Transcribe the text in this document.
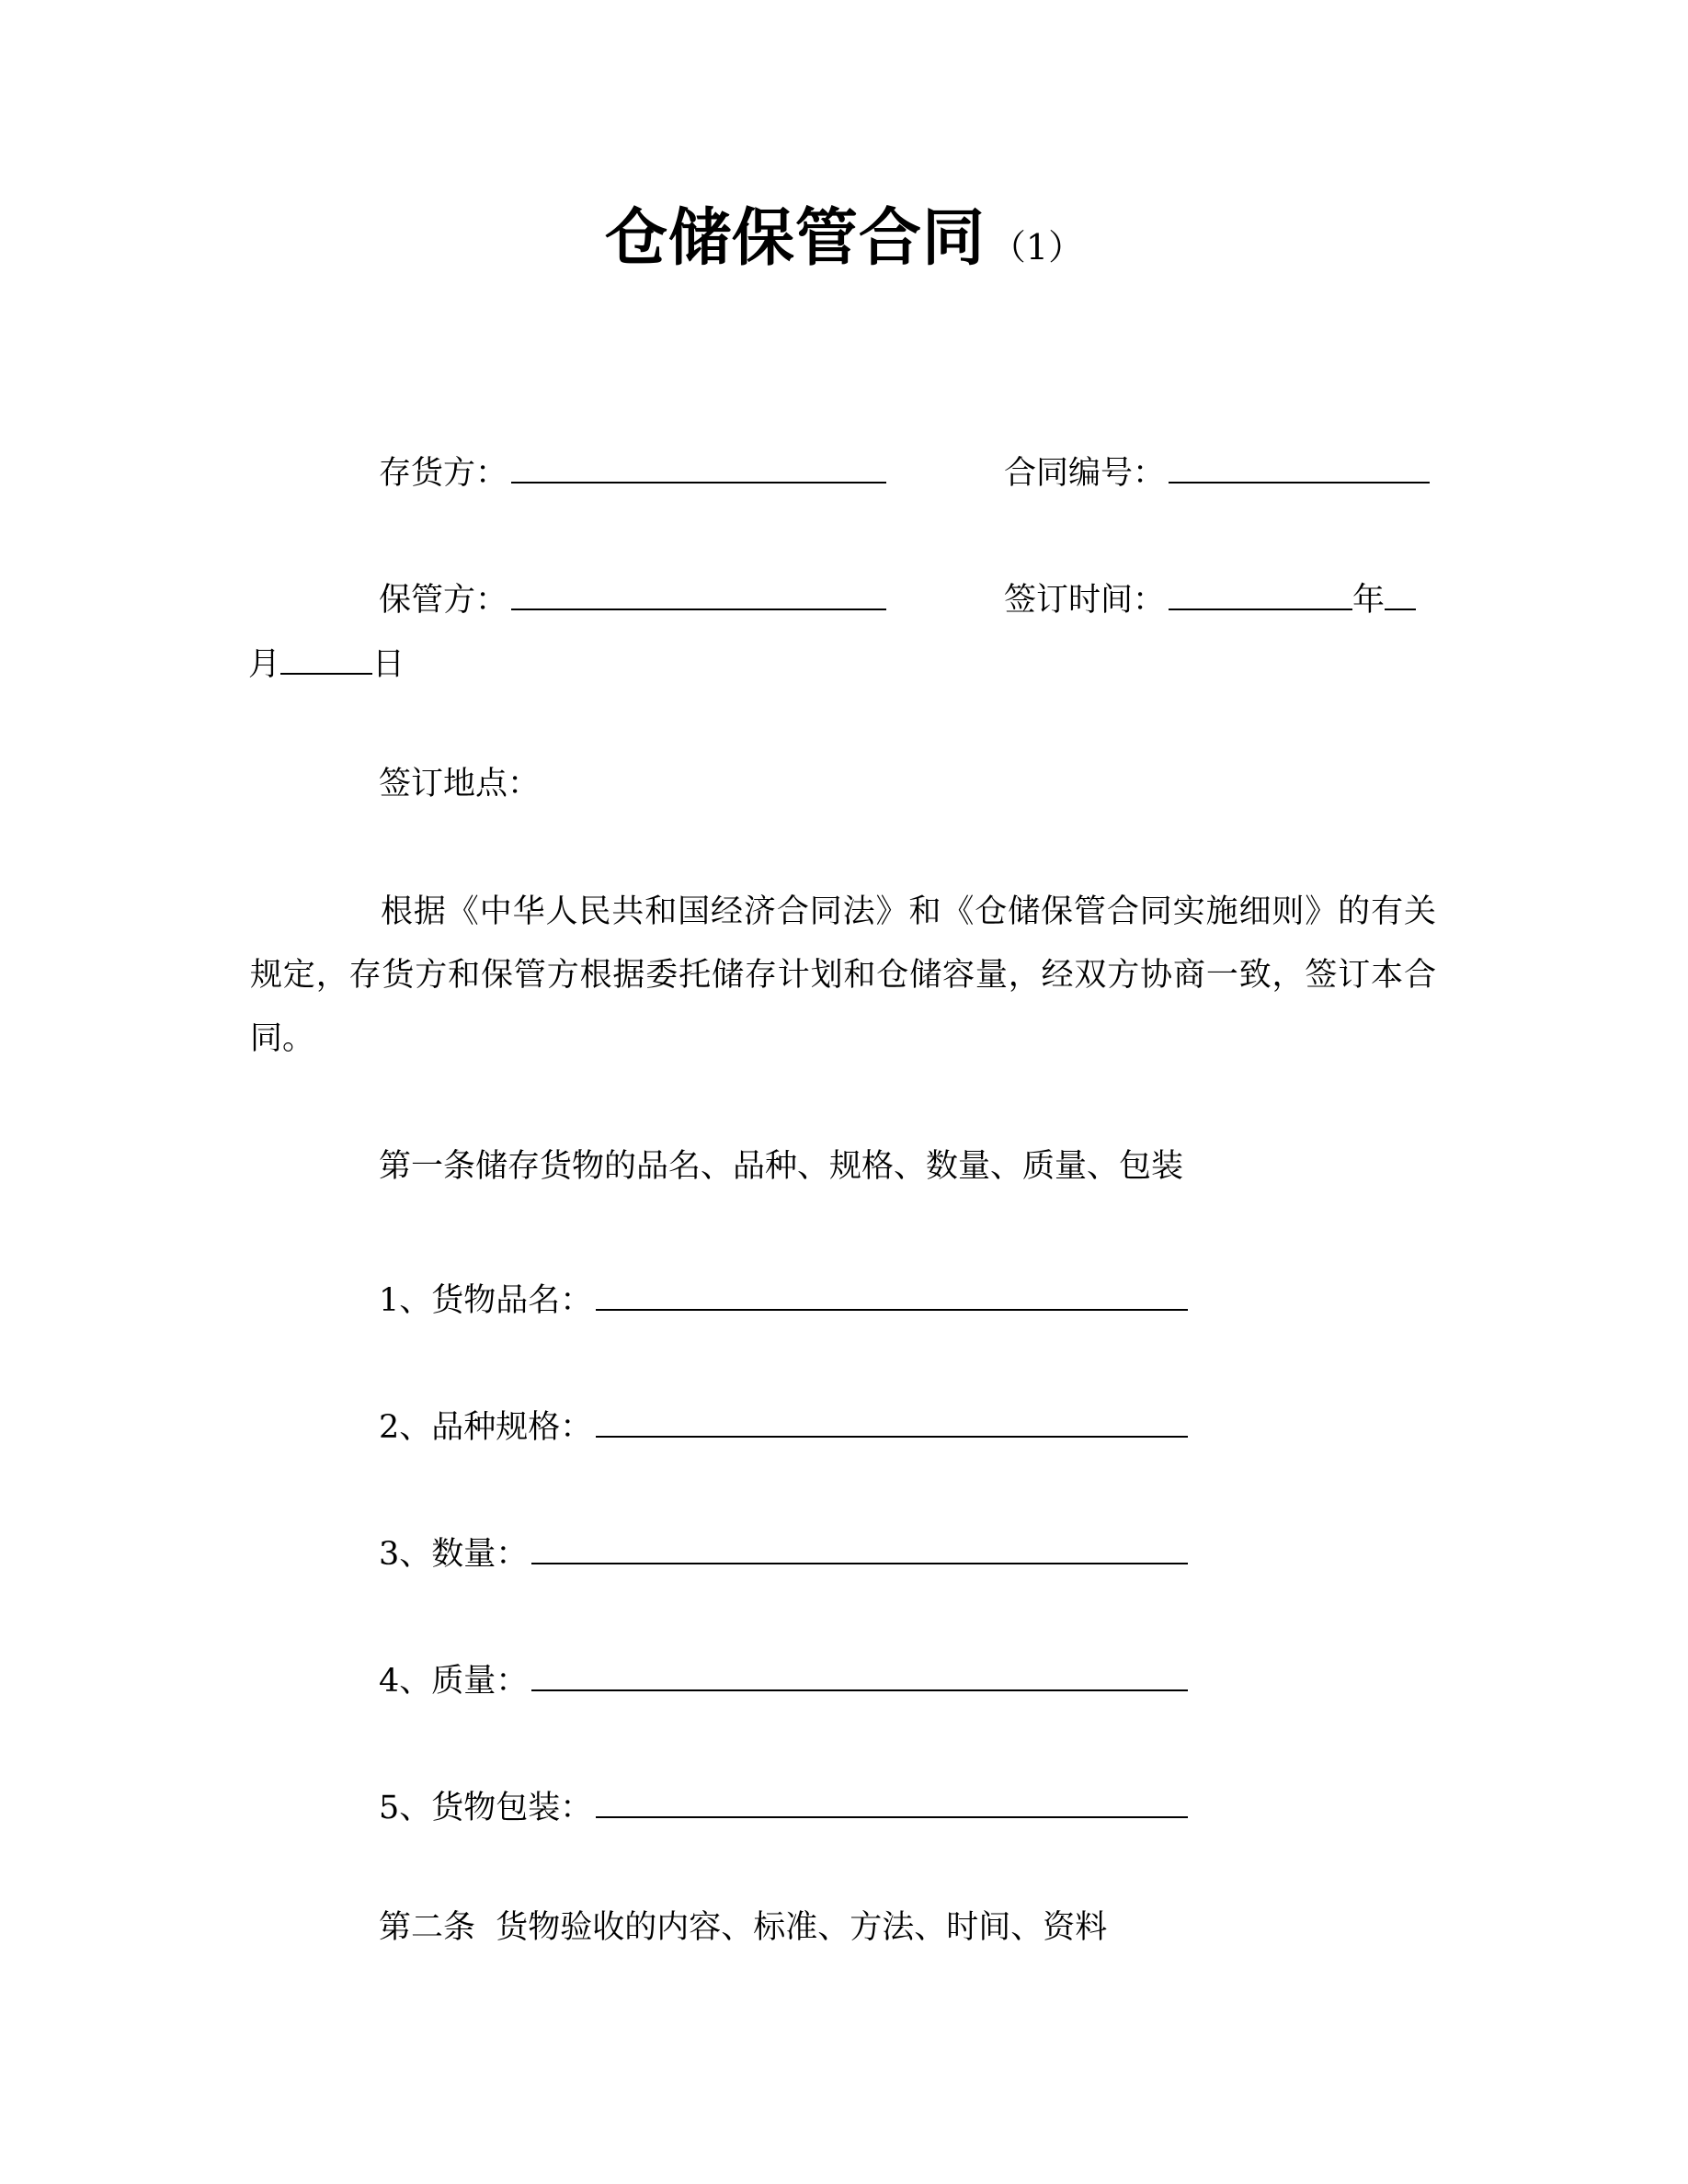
仓储保管合同 （1）
存货方：	合同编号：
保管方：	签订时间：	年
月	日
签订地点：
根据《中华人民共和国经济合同法》和《仓储保管合同实施细则》的有关规定，存货方和保管方根据委托储存计划和仓储容量，经双方协商一致，签订本合同。
第一条储存货物的品名、品种、规格、数量、质量、包装
1、货物品名：
2、品种规格：
3、数量：
4、质量：
5、货物包装：
第二条  货物验收的内容、标准、方法、时间、资料
